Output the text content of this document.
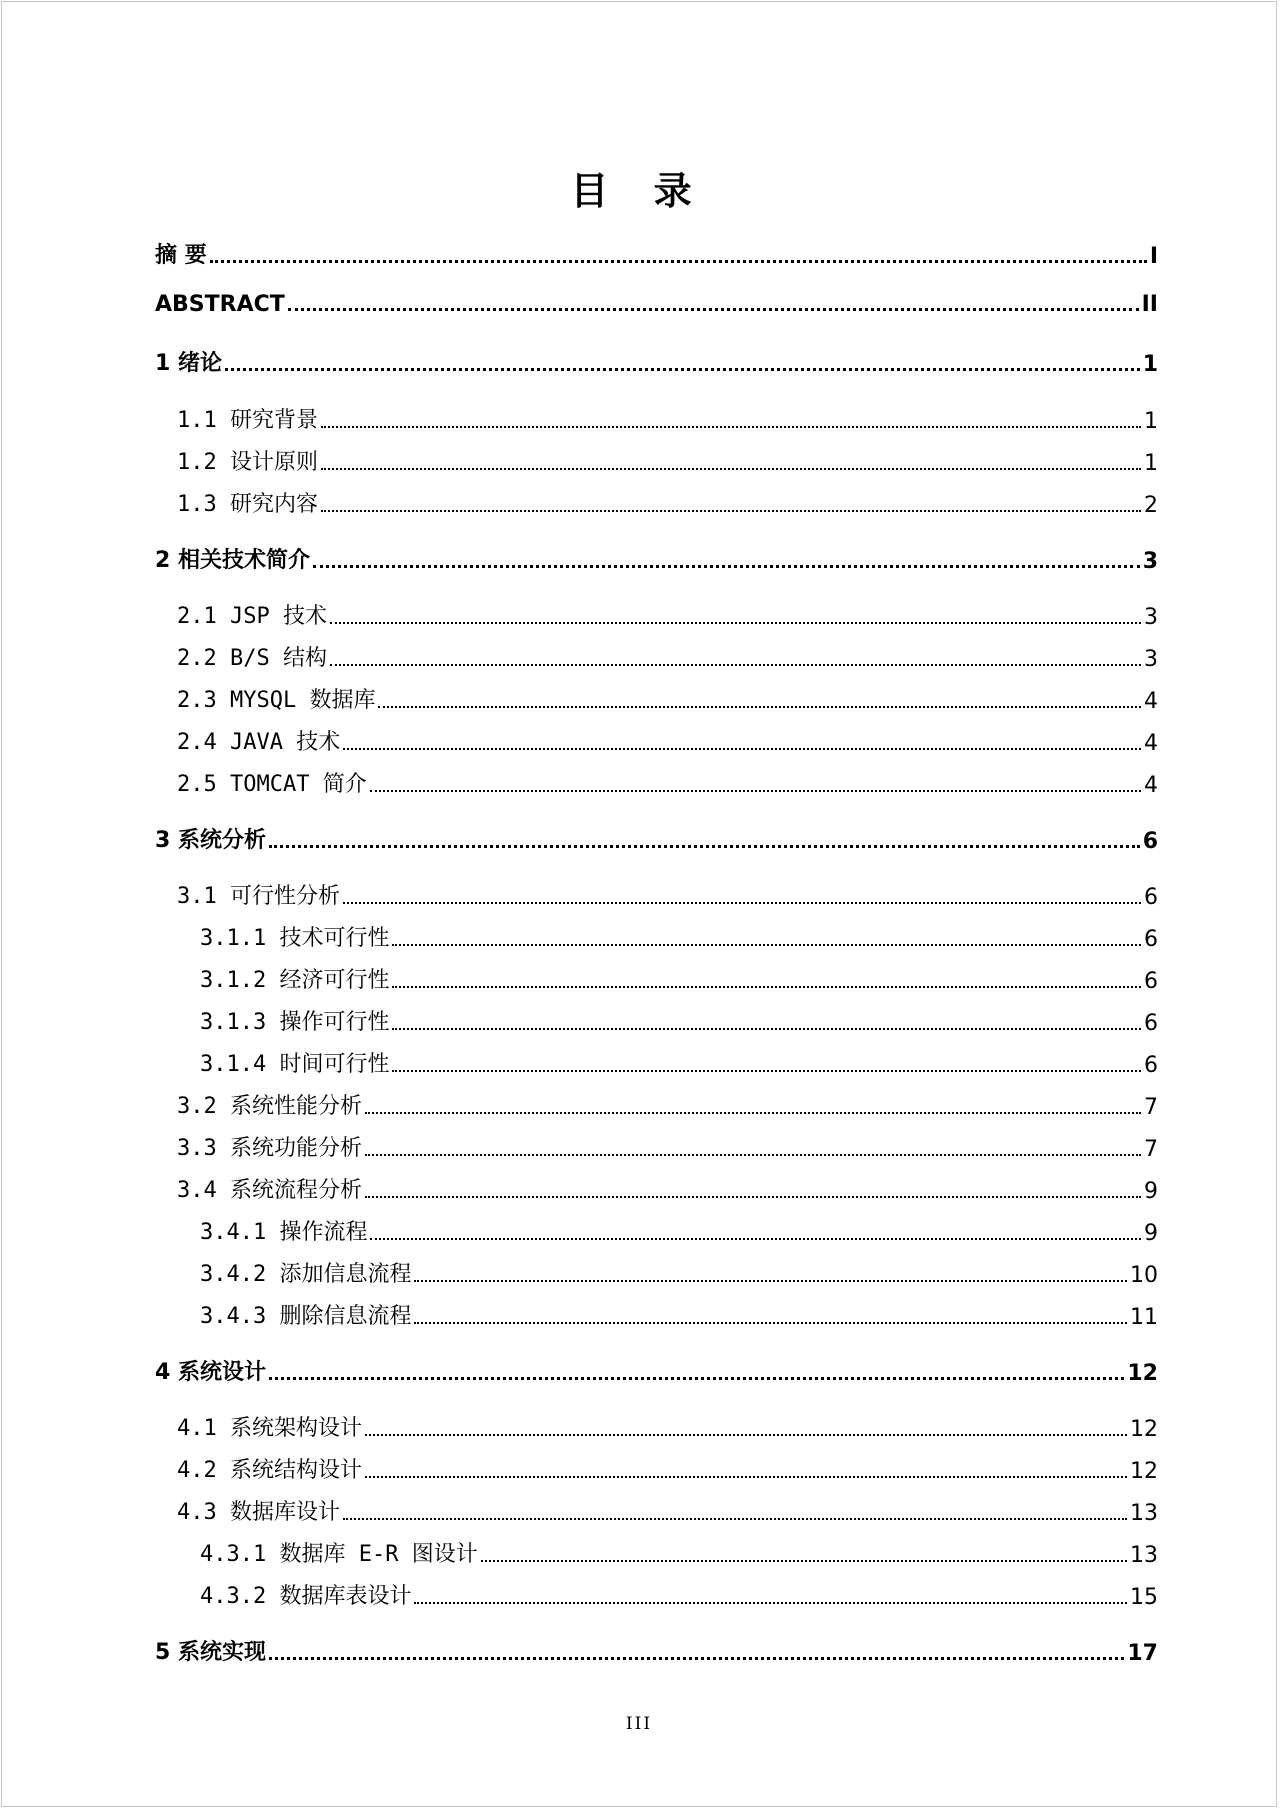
目 录
摘 要	I
ABSTRACT	II
1 绪论	1
1.1 研究背景	1
1.2 设计原则	1
1.3 研究内容	2
2 相关技术简介	3
2.1 JSP 技术	3
2.2 B/S 结构	3
2.3 MYSQL 数据库	4
2.4 JAVA 技术	4
2.5 TOMCAT 简介	4
3 系统分析	6
3.1 可行性分析	6
3.1.1 技术可行性	6
3.1.2 经济可行性	6
3.1.3 操作可行性	6
3.1.4 时间可行性	6
3.2 系统性能分析	7
3.3 系统功能分析	7
3.4 系统流程分析	9
3.4.1 操作流程	9
3.4.2 添加信息流程	10
3.4.3 删除信息流程	11
4 系统设计	12
4.1 系统架构设计	12
4.2 系统结构设计	12
4.3 数据库设计	13
4.3.1 数据库 E-R 图设计	13
4.3.2 数据库表设计	15
5 系统实现	17
III
